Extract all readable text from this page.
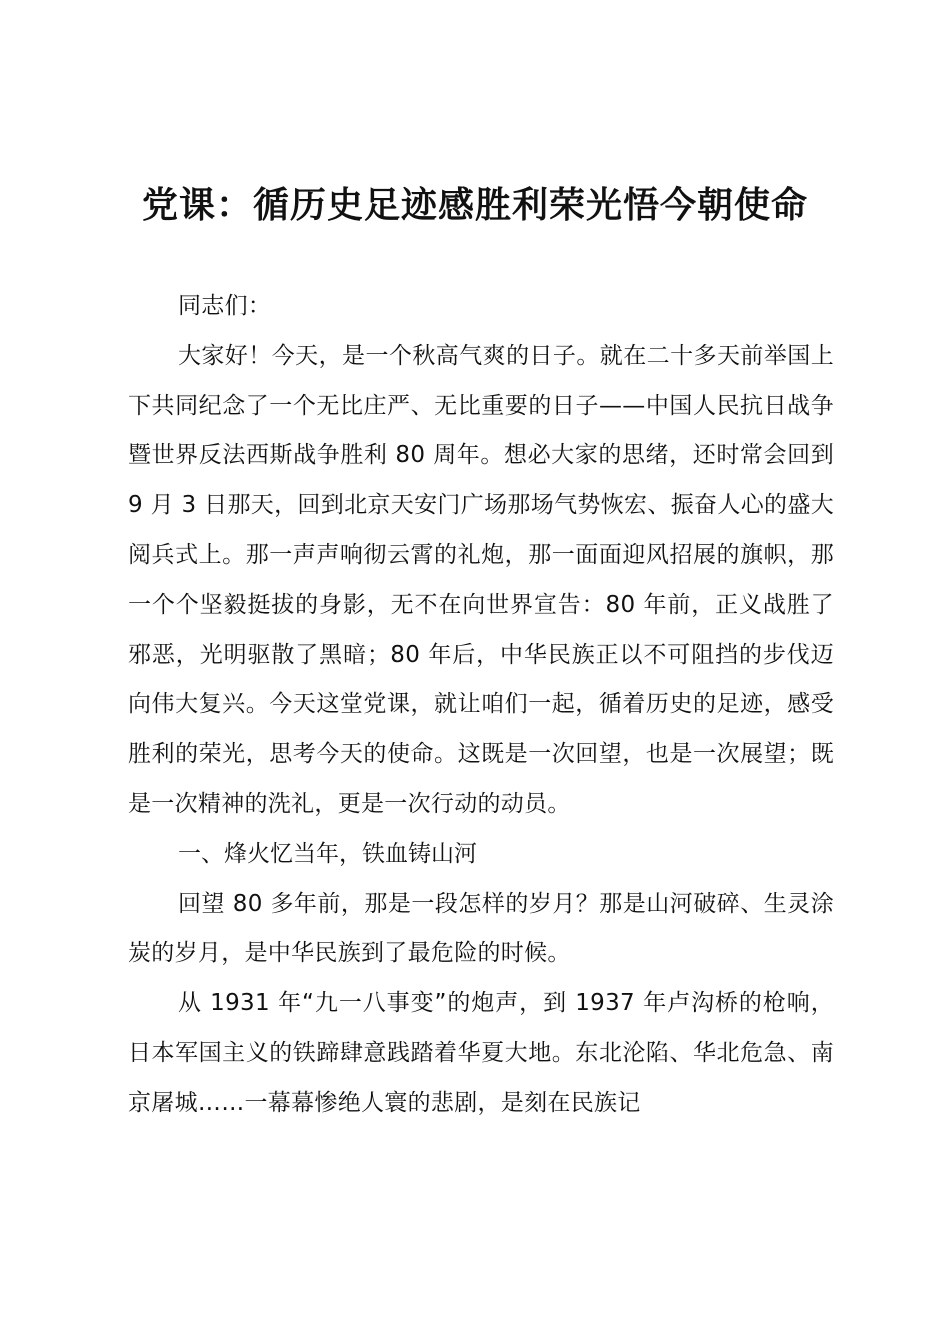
党课：循历史足迹感胜利荣光悟今朝使命

同志们：

大家好！今天，是一个秋高气爽的日子。就在二十多天前举国上下共同纪念了一个无比庄严、无比重要的日子——中国人民抗日战争暨世界反法西斯战争胜利 80 周年。想必大家的思绪，还时常会回到 9 月 3 日那天，回到北京天安门广场那场气势恢宏、振奋人心的盛大阅兵式上。那一声声响彻云霄的礼炮，那一面面迎风招展的旗帜，那一个个坚毅挺拔的身影，无不在向世界宣告：80 年前，正义战胜了邪恶，光明驱散了黑暗；80 年后，中华民族正以不可阻挡的步伐迈向伟大复兴。今天这堂党课，就让咱们一起，循着历史的足迹，感受胜利的荣光，思考今天的使命。这既是一次回望，也是一次展望；既是一次精神的洗礼，更是一次行动的动员。

一、烽火忆当年，铁血铸山河

回望 80 多年前，那是一段怎样的岁月？那是山河破碎、生灵涂炭的岁月，是中华民族到了最危险的时候。

从 1931 年“九一八事变”的炮声，到 1937 年卢沟桥的枪响，日本军国主义的铁蹄肆意践踏着华夏大地。东北沦陷、华北危急、南京屠城……一幕幕惨绝人寰的悲剧，是刻在民族记
